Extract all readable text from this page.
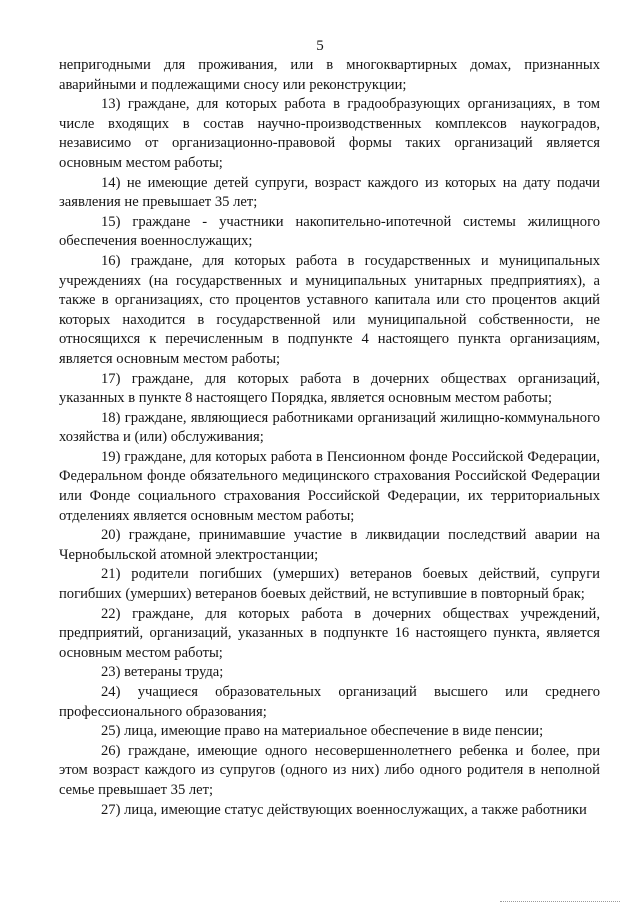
5

непригодными для проживания, или в многоквартирных домах, признанных аварийными и подлежащими сносу или реконструкции;

13) граждане, для которых работа в градообразующих организациях, в том числе входящих в состав научно-производственных комплексов наукоградов, независимо от организационно-правовой формы таких организаций является основным местом работы;

14) не имеющие детей супруги, возраст каждого из которых на дату подачи заявления не превышает 35 лет;

15) граждане - участники накопительно-ипотечной системы жилищного обеспечения военнослужащих;

16) граждане, для которых работа в государственных и муниципальных учреждениях (на государственных и муниципальных унитарных предприятиях), а также в организациях, сто процентов уставного капитала или сто процентов акций которых находится в государственной или муниципальной собственности, не относящихся к перечисленным в подпункте 4 настоящего пункта организациям, является основным местом работы;

17) граждане, для которых работа в дочерних обществах организаций, указанных в пункте 8 настоящего Порядка, является основным местом работы;

18) граждане, являющиеся работниками организаций жилищно-коммунального хозяйства и (или) обслуживания;

19) граждане, для которых работа в Пенсионном фонде Российской Федерации, Федеральном фонде обязательного медицинского страхования Российской Федерации или Фонде социального страхования Российской Федерации, их территориальных отделениях является основным местом работы;

20) граждане, принимавшие участие в ликвидации последствий аварии на Чернобыльской атомной электростанции;

21) родители погибших (умерших) ветеранов боевых действий, супруги погибших (умерших) ветеранов боевых действий, не вступившие в повторный брак;

22) граждане, для которых работа в дочерних обществах учреждений, предприятий, организаций, указанных в подпункте 16 настоящего пункта, является основным местом работы;

23) ветераны труда;

24) учащиеся образовательных организаций высшего или среднего профессионального образования;

25) лица, имеющие право на материальное обеспечение в виде пенсии;

26) граждане, имеющие одного несовершеннолетнего ребенка и более, при этом возраст каждого из супругов (одного из них) либо одного родителя в неполной семье превышает 35 лет;

27) лица, имеющие статус действующих военнослужащих, а также работники
